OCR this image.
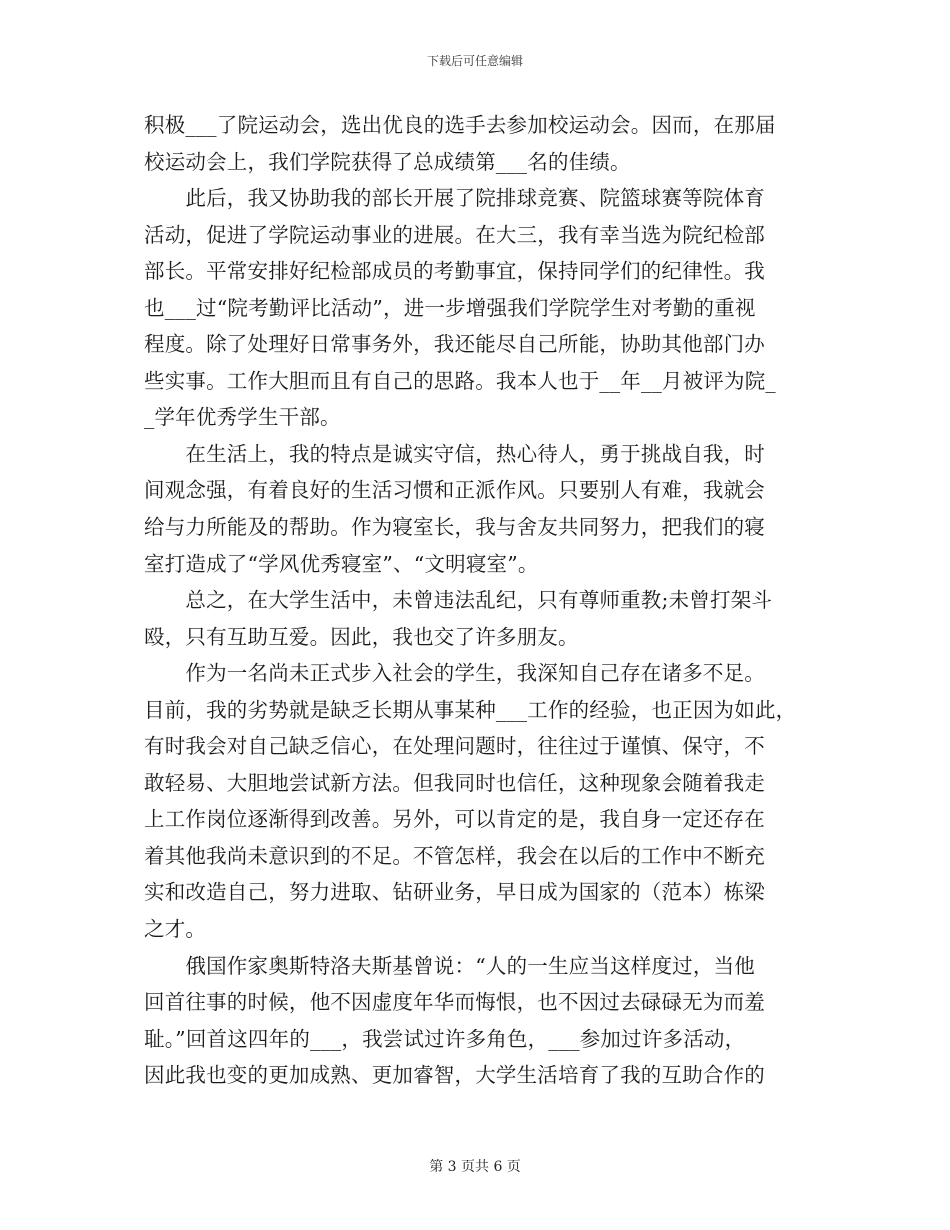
下载后可任意编辑
积极___了院运动会，选出优良的选手去参加校运动会。因而，在那届
校运动会上，我们学院获得了总成绩第___名的佳绩。
　　此后，我又协助我的部长开展了院排球竞赛、院篮球赛等院体育
活动，促进了学院运动事业的进展。在大三，我有幸当选为院纪检部
部长。平常安排好纪检部成员的考勤事宜，保持同学们的纪律性。我
也___过“院考勤评比活动”，进一步增强我们学院学生对考勤的重视
程度。除了处理好日常事务外，我还能尽自己所能，协助其他部门办
些实事。工作大胆而且有自己的思路。我本人也于__年__月被评为院_
_学年优秀学生干部。
　　在生活上，我的特点是诚实守信，热心待人，勇于挑战自我，时
间观念强，有着良好的生活习惯和正派作风。只要别人有难，我就会
给与力所能及的帮助。作为寝室长，我与舍友共同努力，把我们的寝
室打造成了“学风优秀寝室”、“文明寝室”。
　　总之，在大学生活中，未曾违法乱纪，只有尊师重教;未曾打架斗
殴，只有互助互爱。因此，我也交了许多朋友。
　　作为一名尚未正式步入社会的学生，我深知自己存在诸多不足。
目前，我的劣势就是缺乏长期从事某种___工作的经验，也正因为如此，
有时我会对自己缺乏信心，在处理问题时，往往过于谨慎、保守，不
敢轻易、大胆地尝试新方法。但我同时也信任，这种现象会随着我走
上工作岗位逐渐得到改善。另外，可以肯定的是，我自身一定还存在
着其他我尚未意识到的不足。不管怎样，我会在以后的工作中不断充
实和改造自己，努力进取、钻研业务，早日成为国家的（范本）栋梁
之才。
　　俄国作家奥斯特洛夫斯基曾说：“人的一生应当这样度过，当他
回首往事的时候，他不因虚度年华而悔恨，也不因过去碌碌无为而羞
耻。”回首这四年的___，我尝试过许多角色，___参加过许多活动，
因此我也变的更加成熟、更加睿智，大学生活培育了我的互助合作的
第 3 页共 6 页
